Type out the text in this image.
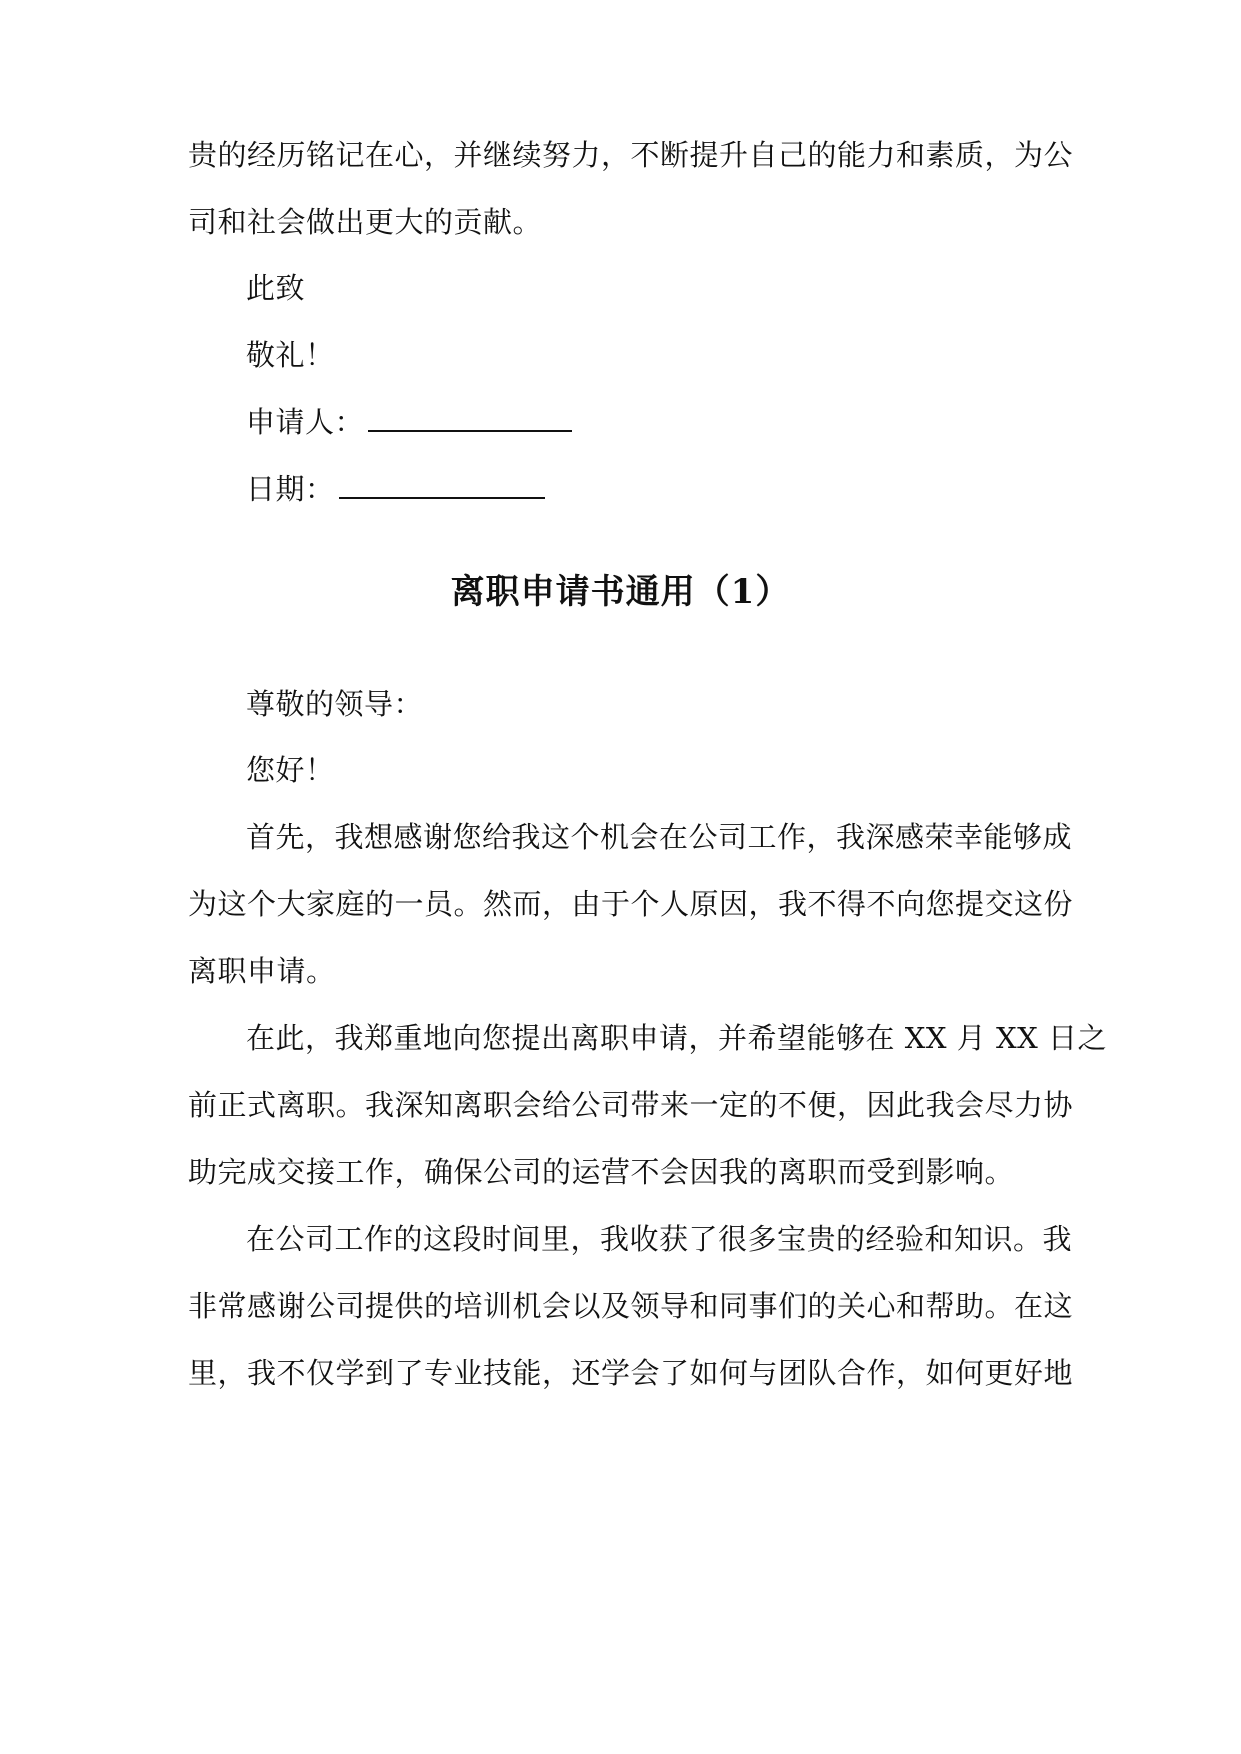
贵的经历铭记在心，并继续努力，不断提升自己的能力和素质，为公
司和社会做出更大的贡献。
此致
敬礼！
申请人：
日期：
离职申请书通用（1）
尊敬的领导：
您好！
首先，我想感谢您给我这个机会在公司工作，我深感荣幸能够成
为这个大家庭的一员。然而，由于个人原因，我不得不向您提交这份
离职申请。
在此，我郑重地向您提出离职申请，并希望能够在 XX 月 XX 日之
前正式离职。我深知离职会给公司带来一定的不便，因此我会尽力协
助完成交接工作，确保公司的运营不会因我的离职而受到影响。
在公司工作的这段时间里，我收获了很多宝贵的经验和知识。我
非常感谢公司提供的培训机会以及领导和同事们的关心和帮助。在这
里，我不仅学到了专业技能，还学会了如何与团队合作，如何更好地
